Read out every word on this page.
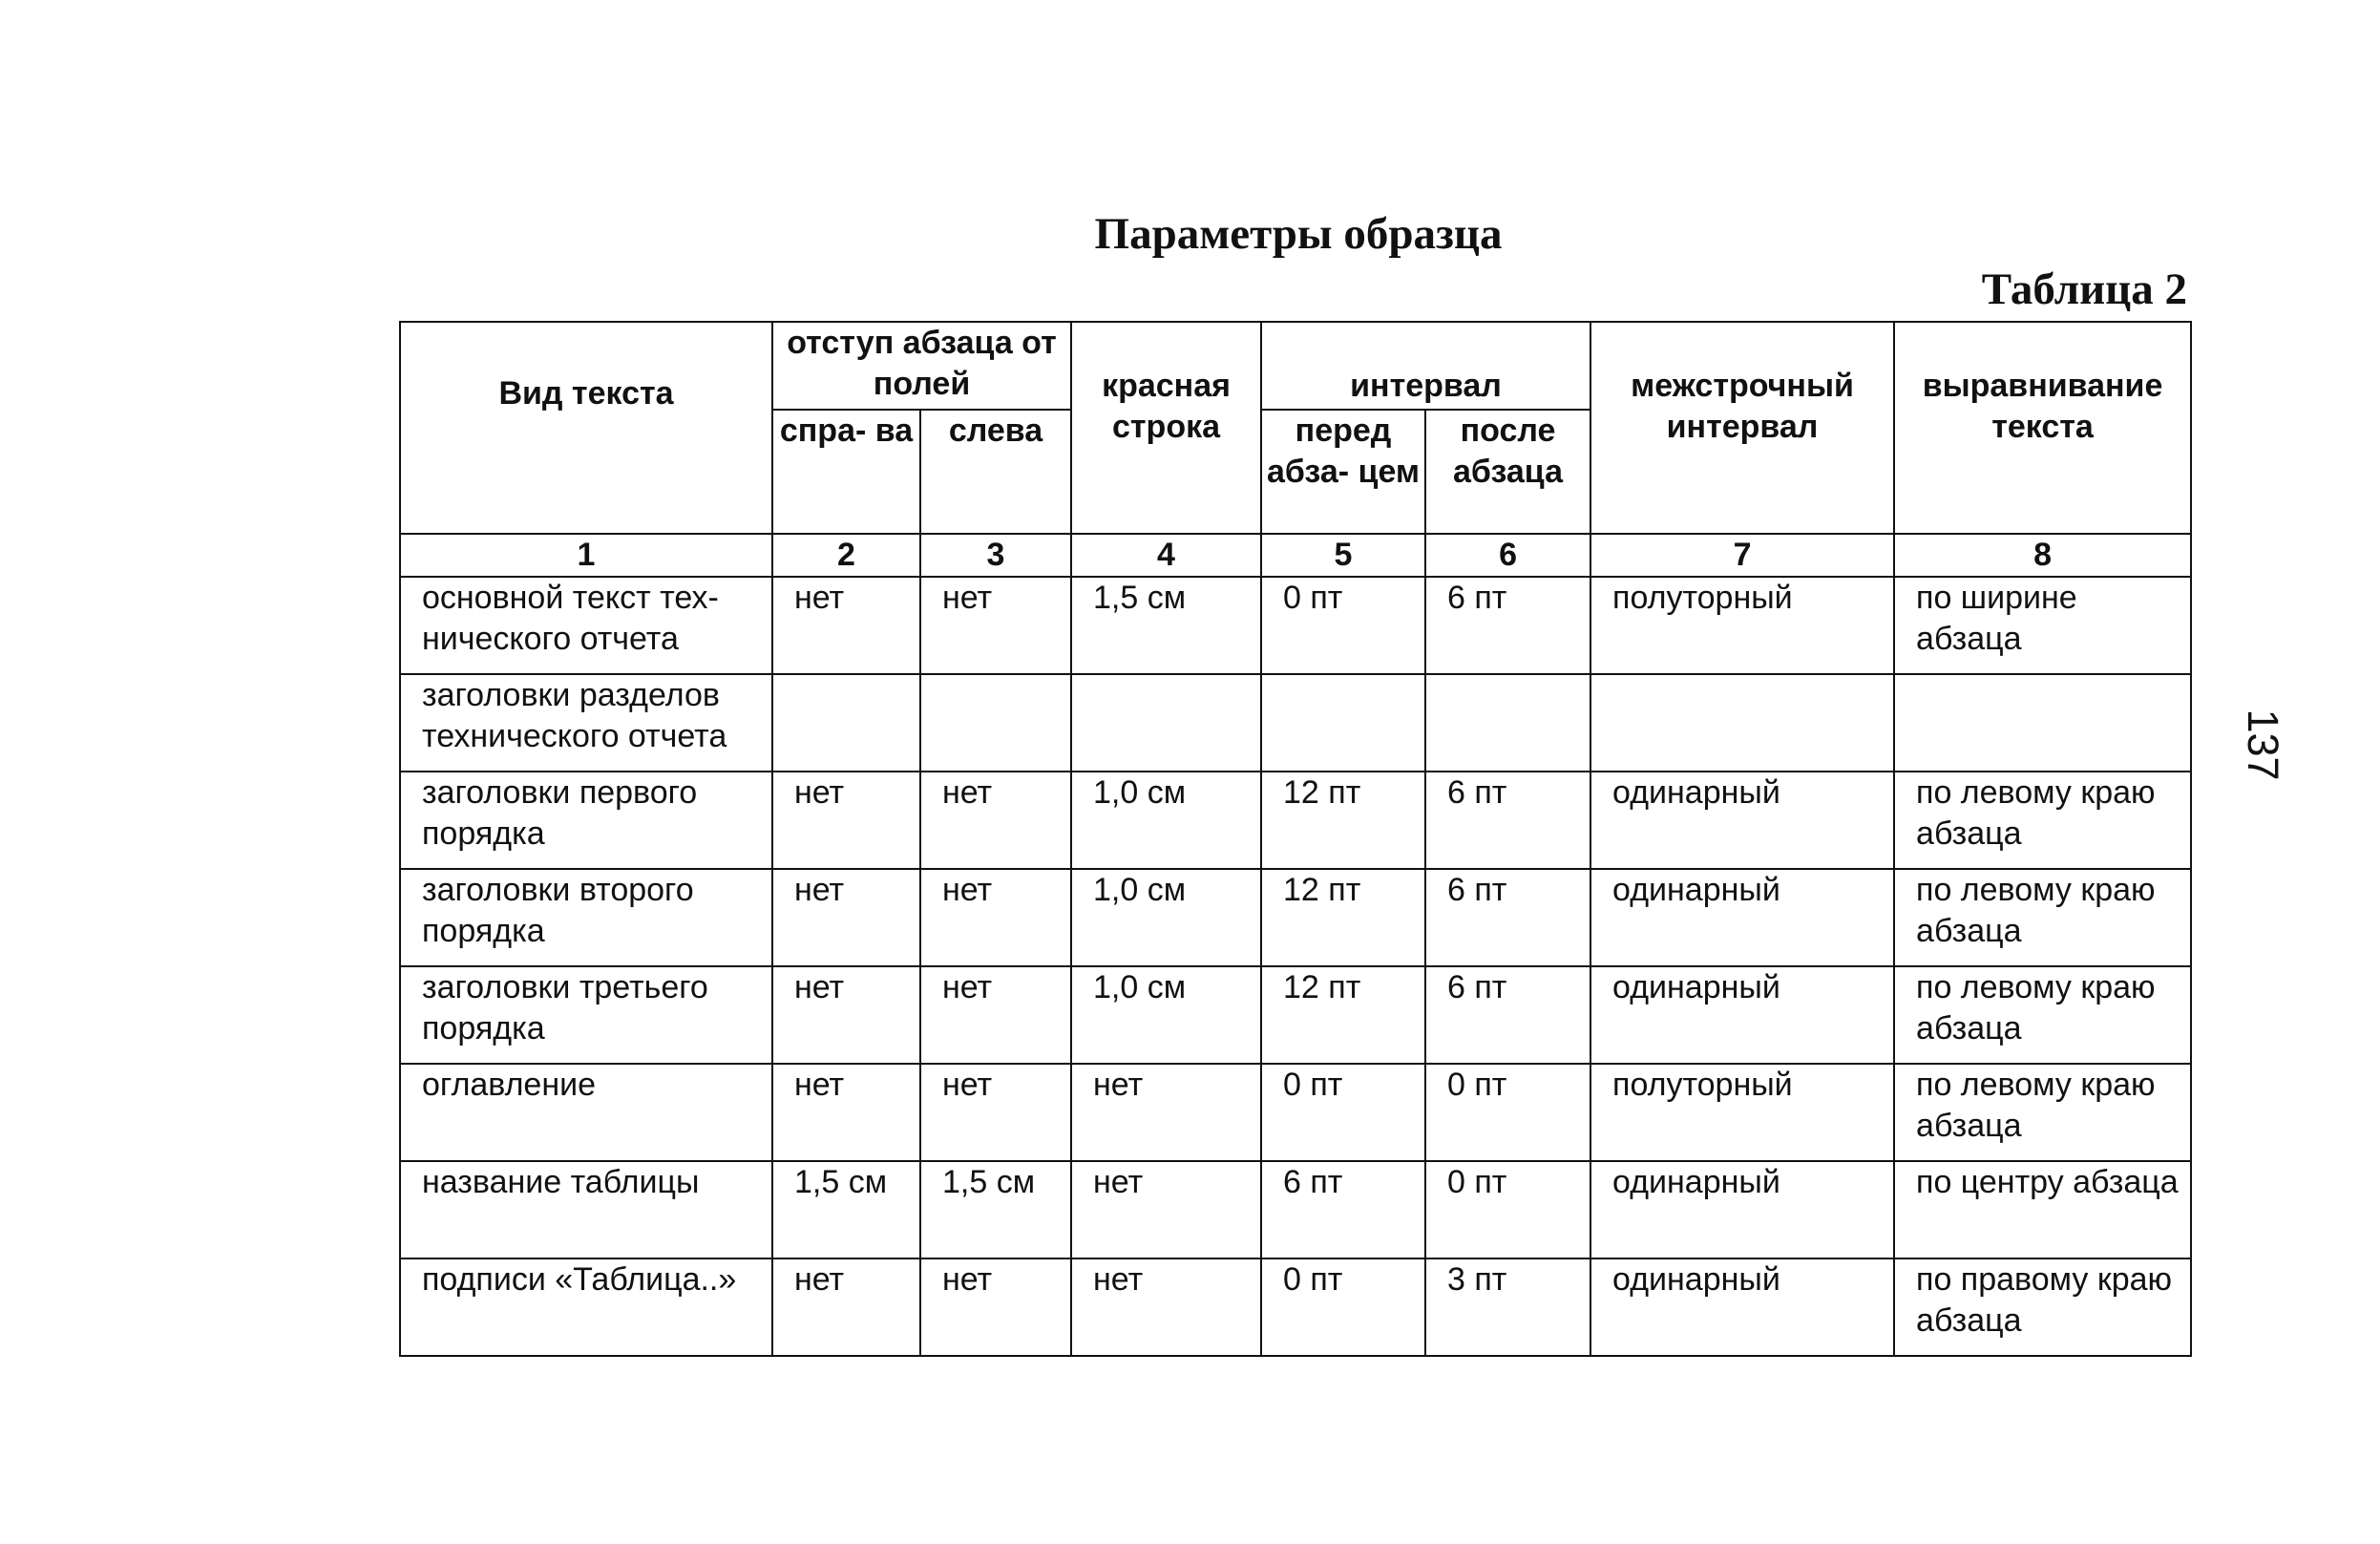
Параметры образца
Таблица 2
137
Вид текста	отступ абзаца от полей		красная строка	интервал		межстрочный интервал	выравнивание текста
	спра- ва	слева		перед абза- цем	после абзаца		
1	2	3	4	5	6	7	8
основной текст тех- нического отчета	нет	нет	1,5 см	0 пт	6 пт	полуторный	по ширине абзаца
заголовки разделов технического отчета							
заголовки первого порядка	нет	нет	1,0 см	12 пт	6 пт	одинарный	по левому краю абзаца
заголовки второго порядка	нет	нет	1,0 см	12 пт	6 пт	одинарный	по левому краю абзаца
заголовки третьего порядка	нет	нет	1,0 см	12 пт	6 пт	одинарный	по левому краю абзаца
оглавление	нет	нет	нет	0 пт	0 пт	полуторный	по левому краю абзаца
название таблицы	1,5 см	1,5 см	нет	6 пт	0 пт	одинарный	по центру абзаца
подписи «Таблица..»	нет	нет	нет	0 пт	3 пт	одинарный	по правому краю абзаца
